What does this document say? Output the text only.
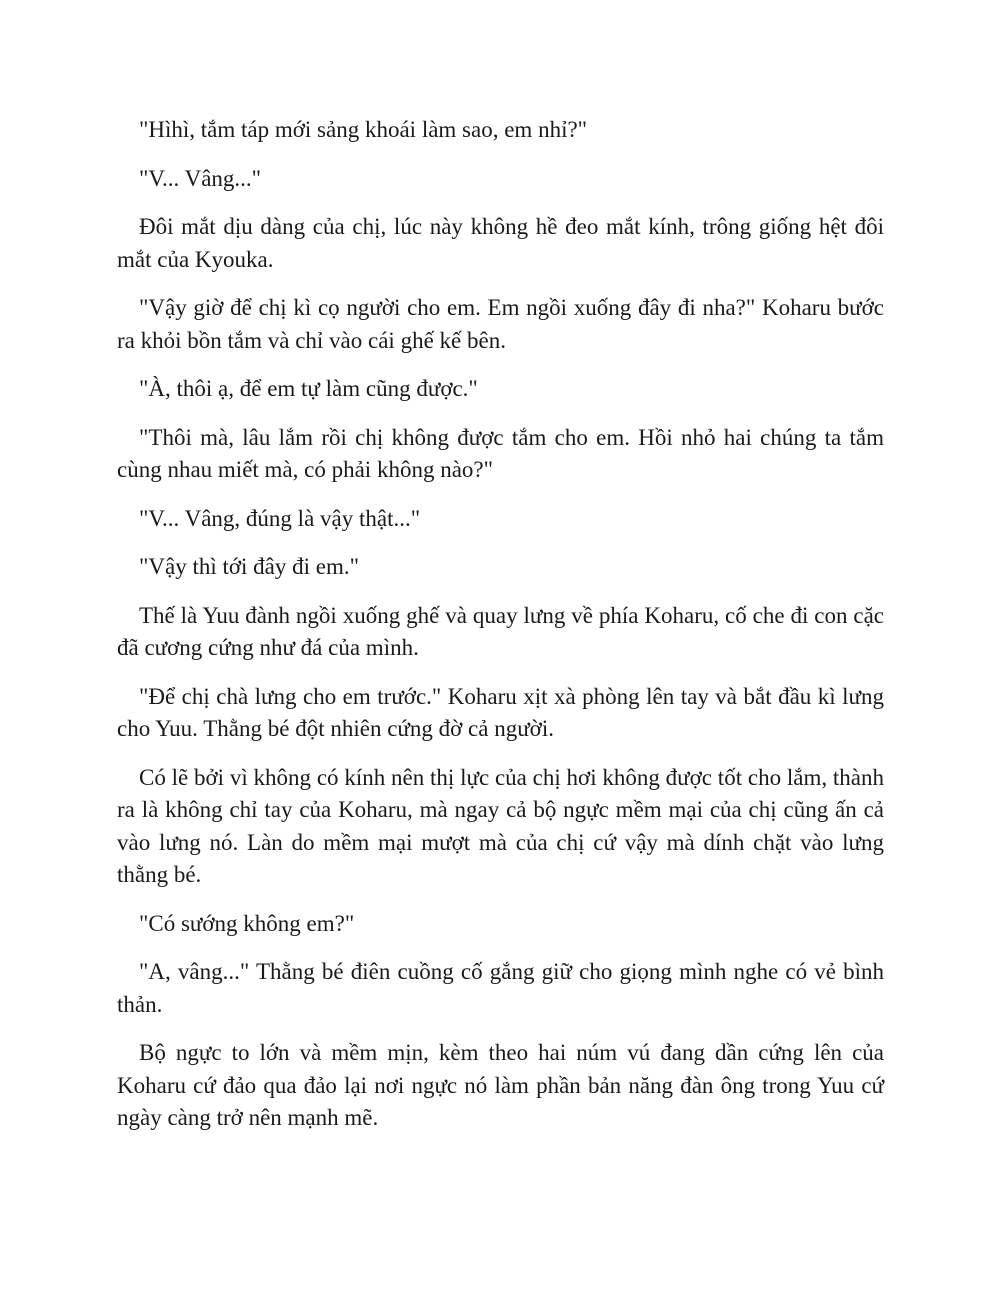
"Hìhì, tắm táp mới sảng khoái làm sao, em nhỉ?"

"V... Vâng..."

Đôi mắt dịu dàng của chị, lúc này không hề đeo mắt kính, trông giống hệt đôi mắt của Kyouka.

"Vậy giờ để chị kì cọ người cho em. Em ngồi xuống đây đi nha?" Koharu bước ra khỏi bồn tắm và chỉ vào cái ghế kế bên.

"À, thôi ạ, để em tự làm cũng được."

"Thôi mà, lâu lắm rồi chị không được tắm cho em. Hồi nhỏ hai chúng ta tắm cùng nhau miết mà, có phải không nào?"

"V... Vâng, đúng là vậy thật..."

"Vậy thì tới đây đi em."

Thế là Yuu đành ngồi xuống ghế và quay lưng về phía Koharu, cố che đi con cặc đã cương cứng như đá của mình.

"Để chị chà lưng cho em trước." Koharu xịt xà phòng lên tay và bắt đầu kì lưng cho Yuu. Thằng bé đột nhiên cứng đờ cả người.

Có lẽ bởi vì không có kính nên thị lực của chị hơi không được tốt cho lắm, thành ra là không chỉ tay của Koharu, mà ngay cả bộ ngực mềm mại của chị cũng ấn cả vào lưng nó. Làn do mềm mại mượt mà của chị cứ vậy mà dính chặt vào lưng thằng bé.

"Có sướng không em?"

"A, vâng..." Thằng bé điên cuồng cố gắng giữ cho giọng mình nghe có vẻ bình thản.

Bộ ngực to lớn và mềm mịn, kèm theo hai núm vú đang dần cứng lên của Koharu cứ đảo qua đảo lại nơi ngực nó làm phần bản năng đàn ông trong Yuu cứ ngày càng trở nên mạnh mẽ.
